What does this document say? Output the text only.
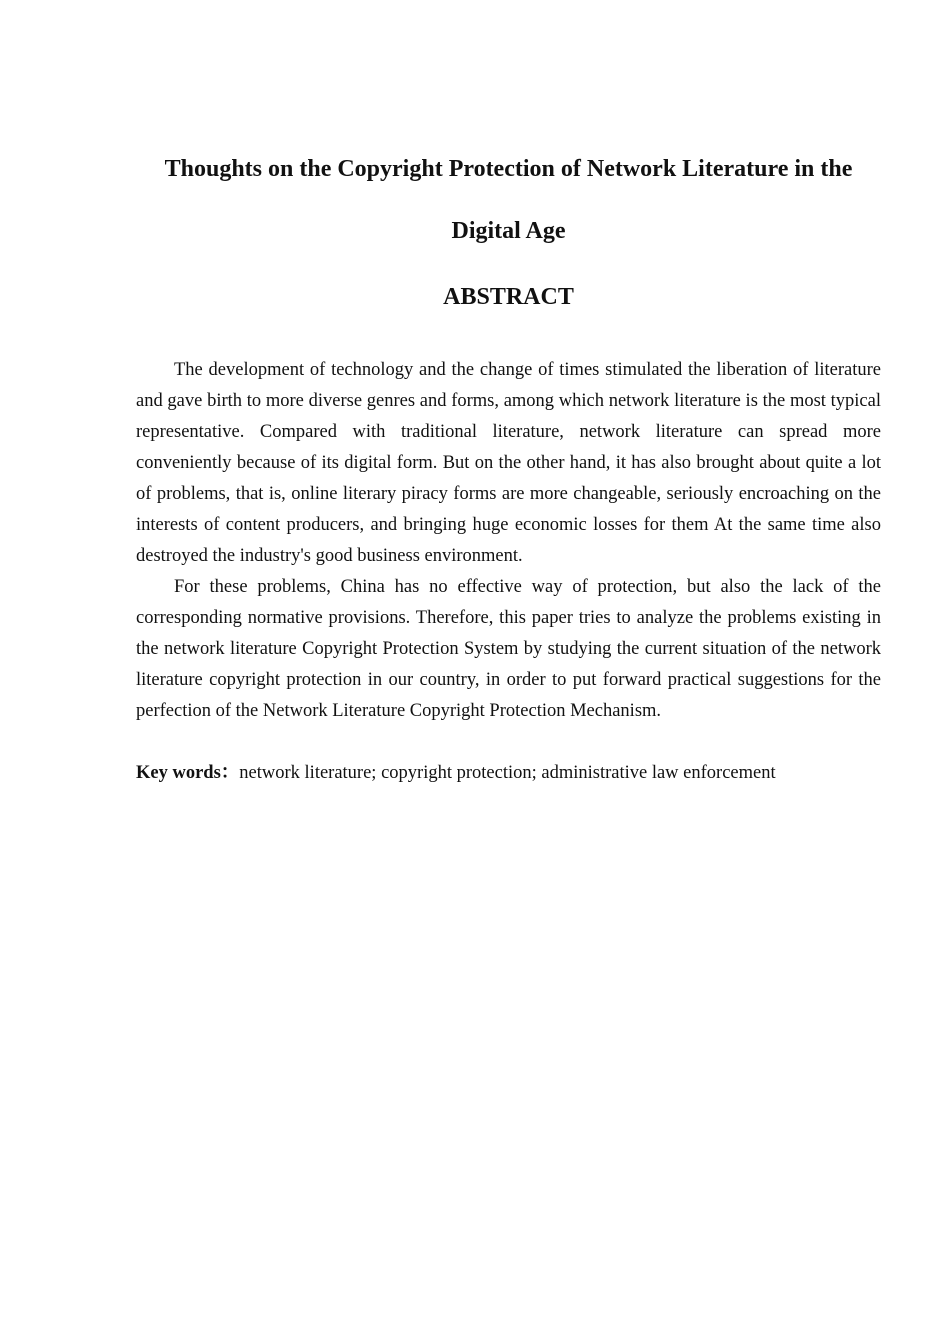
Thoughts on the Copyright Protection of Network Literature in the Digital Age
ABSTRACT

The development of technology and the change of times stimulated the liberation of literature and gave birth to more diverse genres and forms, among which network literature is the most typical representative. Compared with traditional literature, network literature can spread more conveniently because of its digital form. But on the other hand, it has also brought about quite a lot of problems, that is, online literary piracy forms are more changeable, seriously encroaching on the interests of content producers, and bringing huge economic losses for them At the same time also destroyed the industry's good business environment.

For these problems, China has no effective way of protection, but also the lack of the corresponding normative provisions. Therefore, this paper tries to analyze the problems existing in the network literature Copyright Protection System by studying the current situation of the network literature copyright protection in our country, in order to put forward practical suggestions for the perfection of the Network Literature Copyright Protection Mechanism.

Key words：network literature; copyright protection; administrative law enforcement
